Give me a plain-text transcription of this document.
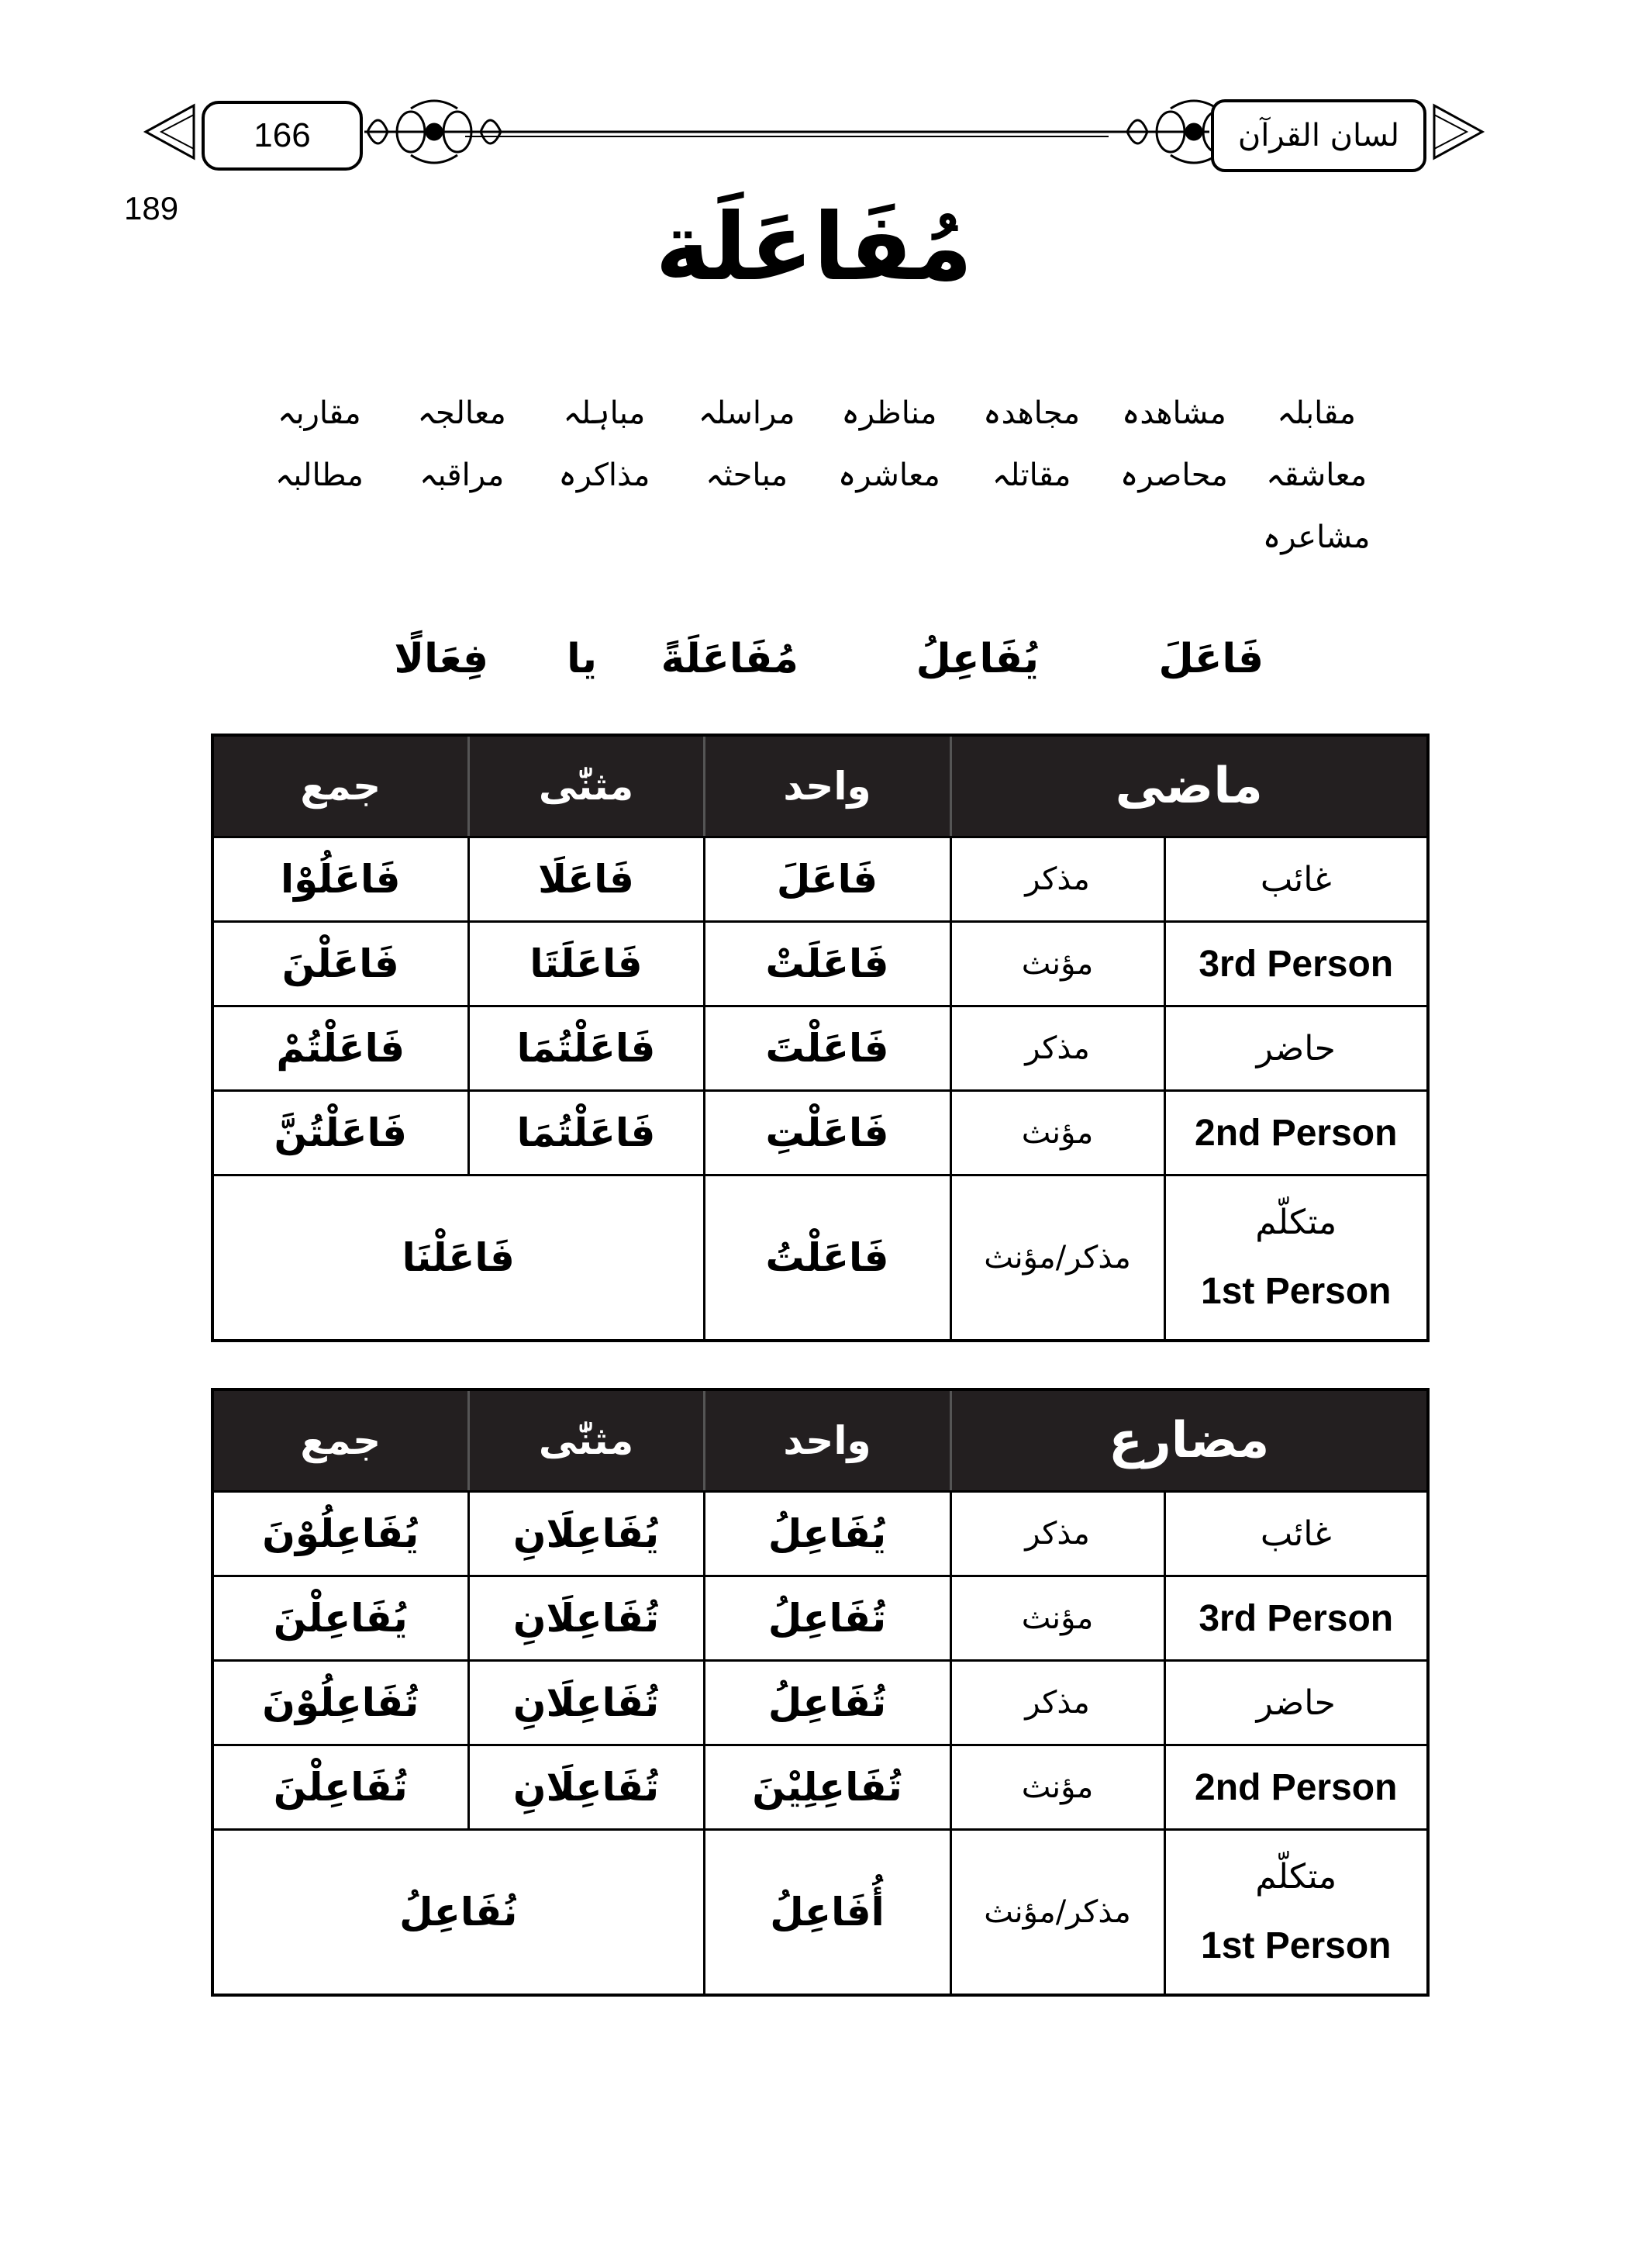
166	لسان القرآن
189	مُفَاعَلَة
مقابلہ
مشاھدہ
مجاھدہ
مناظرہ
مراسلہ
مباہلہ
معالجہ
مقاربہ
معاشقہ
محاصرہ
مقاتلہ
معاشرہ
مباحثہ
مذاکرہ
مراقبہ
مطالبہ
مشاعرہ
فَاعَلَ
يُفَاعِلُ
مُفَاعَلَةً
یا
فِعَالًا
ماضی		واحد	مثنّٰی	جمع
غائب	مذکر	فَاعَلَ	فَاعَلَا	فَاعَلُوْا
3rd Person	مؤنث	فَاعَلَتْ	فَاعَلَتَا	فَاعَلْنَ
حاضر	مذکر	فَاعَلْتَ	فَاعَلْتُمَا	فَاعَلْتُمْ
2nd Person	مؤنث	فَاعَلْتِ	فَاعَلْتُمَا	فَاعَلْتُنَّ

متکلّم
1st Person	مذکر/مؤنث	فَاعَلْتُ	فَاعَلْنَا	
مضارع		واحد	مثنّٰی	جمع
غائب	مذکر	يُفَاعِلُ	يُفَاعِلَانِ	يُفَاعِلُوْنَ
3rd Person	مؤنث	تُفَاعِلُ	تُفَاعِلَانِ	يُفَاعِلْنَ
حاضر	مذکر	تُفَاعِلُ	تُفَاعِلَانِ	تُفَاعِلُوْنَ
2nd Person	مؤنث	تُفَاعِلِيْنَ	تُفَاعِلَانِ	تُفَاعِلْنَ

متکلّم
1st Person	مذکر/مؤنث	أُفَاعِلُ	نُفَاعِلُ	
